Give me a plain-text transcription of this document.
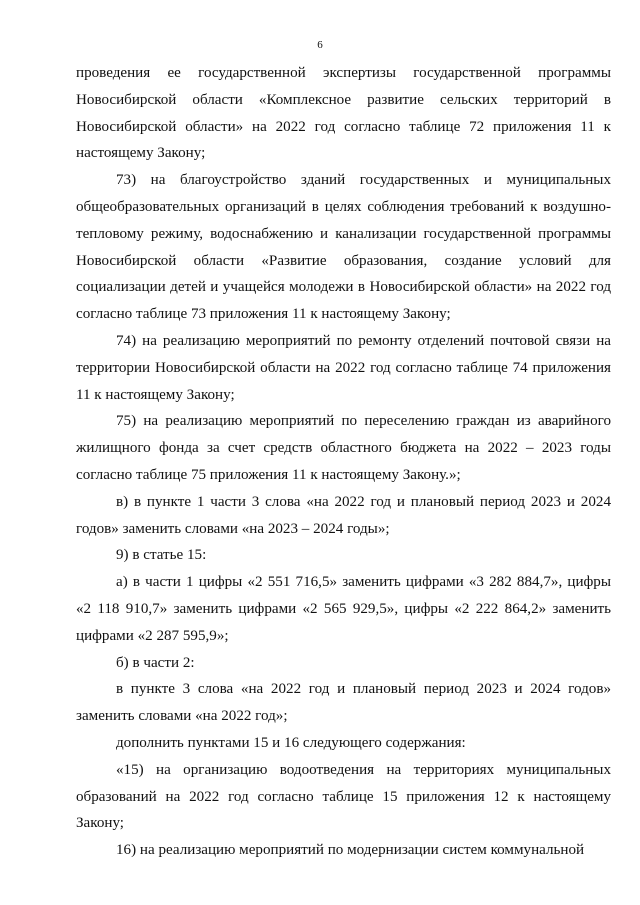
6

проведения ее государственной экспертизы государственной программы Новосибирской области «Комплексное развитие сельских территорий в Новосибирской области» на 2022 год согласно таблице 72 приложения 11 к настоящему Закону;

73) на благоустройство зданий государственных и муниципальных общеобразовательных организаций в целях соблюдения требований к воздушно-тепловому режиму, водоснабжению и канализации государственной программы Новосибирской области «Развитие образования, создание условий для социализации детей и учащейся молодежи в Новосибирской области» на 2022 год согласно таблице 73 приложения 11 к настоящему Закону;

74) на реализацию мероприятий по ремонту отделений почтовой связи на территории Новосибирской области на 2022 год согласно таблице 74 приложения 11 к настоящему Закону;

75) на реализацию мероприятий по переселению граждан из аварийного жилищного фонда за счет средств областного бюджета на 2022 – 2023 годы согласно таблице 75 приложения 11 к настоящему Закону.»;

в) в пункте 1 части 3 слова «на 2022 год и плановый период 2023 и 2024 годов» заменить словами «на 2023 – 2024 годы»;

9) в статье 15:

а) в части 1 цифры «2 551 716,5» заменить цифрами «3 282 884,7», цифры «2 118 910,7» заменить цифрами «2 565 929,5», цифры «2 222 864,2» заменить цифрами «2 287 595,9»;

б) в части 2:

в пункте 3 слова «на 2022 год и плановый период 2023 и 2024 годов» заменить словами «на 2022 год»;

дополнить пунктами 15 и 16 следующего содержания:

«15) на организацию водоотведения на территориях муниципальных образований на 2022 год согласно таблице 15 приложения 12 к настоящему Закону;

16) на реализацию мероприятий по модернизации систем коммунальной
